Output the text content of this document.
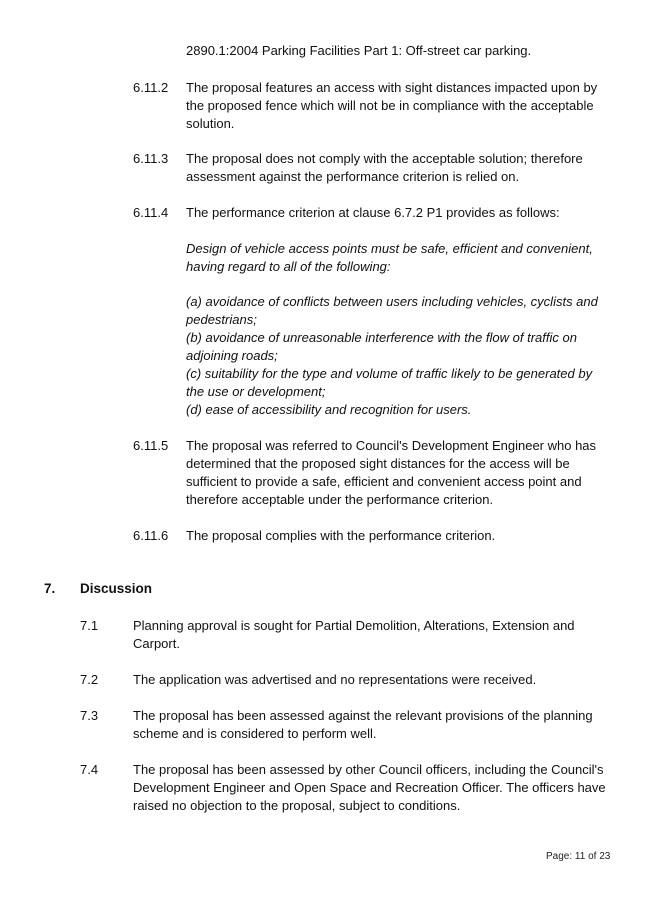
2890.1:2004 Parking Facilities Part 1: Off-street car parking.
6.11.2 The proposal features an access with sight distances impacted upon by
the proposed fence which will not be in compliance with the acceptable
solution.
6.11.3 The proposal does not comply with the acceptable solution; therefore
assessment against the performance criterion is relied on.
6.11.4 The performance criterion at clause 6.7.2 P1 provides as follows:
Design of vehicle access points must be safe, efficient and convenient,
having regard to all of the following:
(a) avoidance of conflicts between users including vehicles, cyclists and
pedestrians;
(b) avoidance of unreasonable interference with the flow of traffic on
adjoining roads;
(c) suitability for the type and volume of traffic likely to be generated by
the use or development;
(d) ease of accessibility and recognition for users.
6.11.5 The proposal was referred to Council's Development Engineer who has
determined that the proposed sight distances for the access will be
sufficient to provide a safe, efficient and convenient access point and
therefore acceptable under the performance criterion.
6.11.6 The proposal complies with the performance criterion.
7. Discussion
7.1	Planning approval is sought for Partial Demolition, Alterations, Extension and
Carport.
7.2	The application was advertised and no representations were received.
7.3	The proposal has been assessed against the relevant provisions of the planning
scheme and is considered to perform well.
7.4	The proposal has been assessed by other Council officers, including the Council's
Development Engineer and Open Space and Recreation Officer. The officers have
raised no objection to the proposal, subject to conditions.
Page: 11 of 23
